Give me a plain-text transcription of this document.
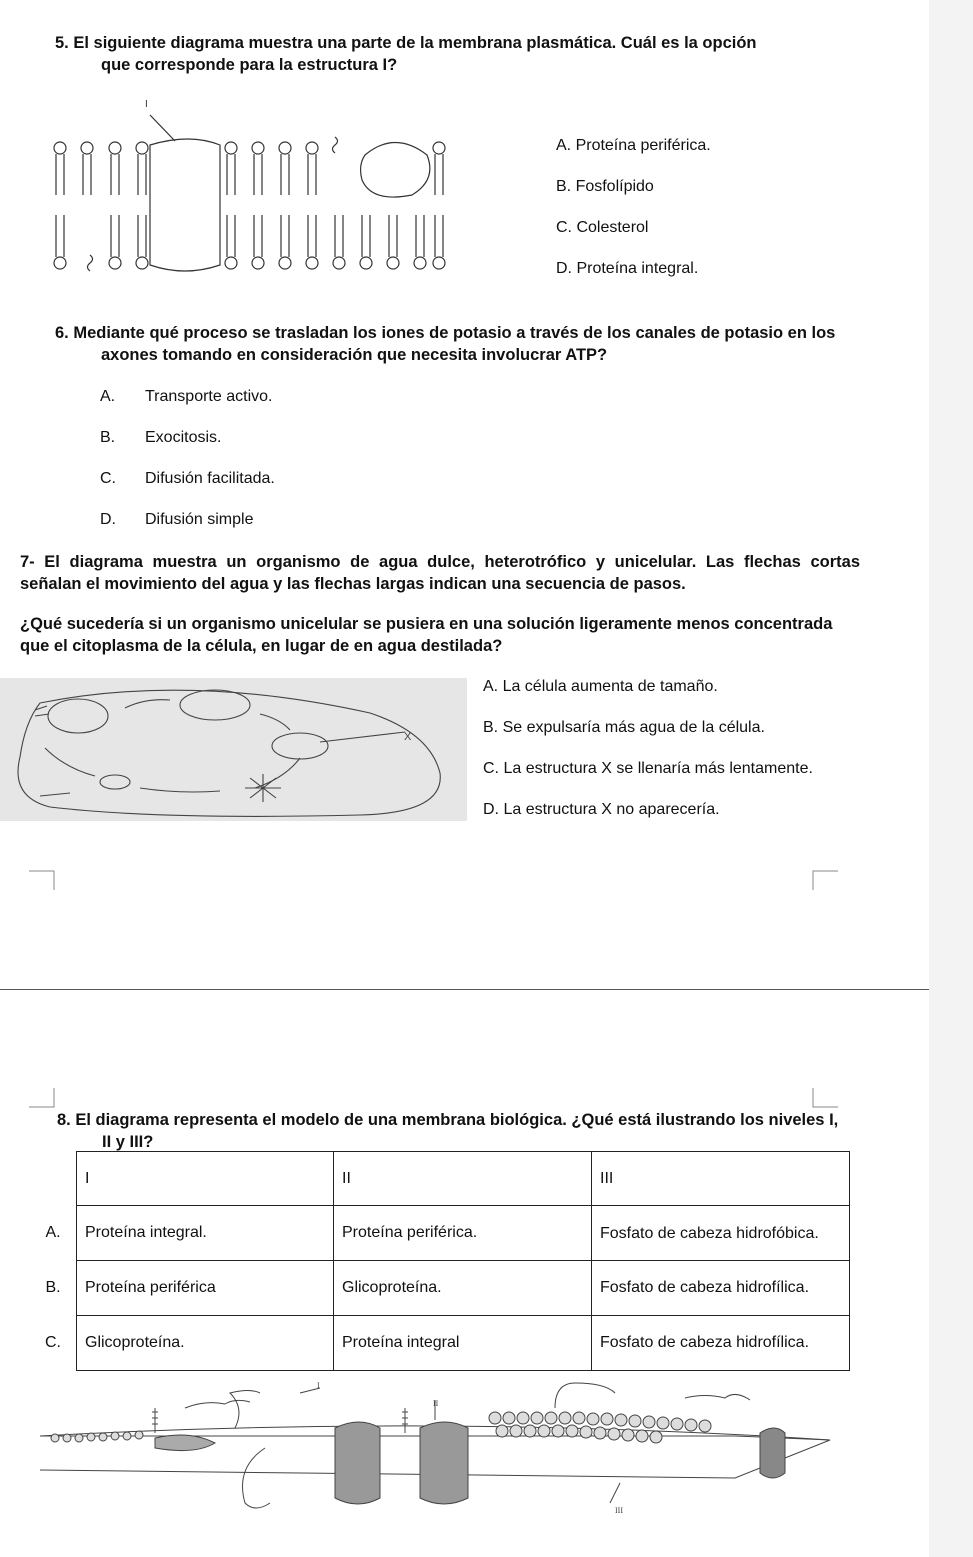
5. El siguiente diagrama muestra una parte de la membrana plasmática. Cuál es la opción
que corresponde para la estructura I?
I
A. Proteína periférica.
B. Fosfolípido
C. Colesterol
D. Proteína integral.
6. Mediante qué proceso se trasladan los iones de potasio a través de los canales de potasio en los
axones tomando en consideración que necesita involucrar ATP?
A. Transporte activo.
B. Exocitosis.
C. Difusión facilitada.
D. Difusión simple
7- El diagrama muestra un organismo de agua dulce, heterotrófico y unicelular. Las flechas cortas
señalan el movimiento del agua y las flechas largas indican una secuencia de pasos.
¿Qué sucedería si un organismo unicelular se pusiera en una solución ligeramente menos concentrada
que el citoplasma de la célula, en lugar de en agua destilada?
X
A. La célula aumenta de tamaño.
B. Se expulsaría más agua de la célula.
C. La estructura X se llenaría más lentamente.
D. La estructura X no aparecería.
8. El diagrama representa el modelo de una membrana biológica. ¿Qué está ilustrando los niveles I,
II y III?
	I	II	III
A.	Proteína integral.	Proteína periférica.	Fosfato de cabeza hidrofóbica.
B.	Proteína periférica	Glicoproteína.	Fosfato de cabeza hidrofílica.
C.	Glicoproteína.	Proteína integral	Fosfato de cabeza hidrofílica.
I
II
III
